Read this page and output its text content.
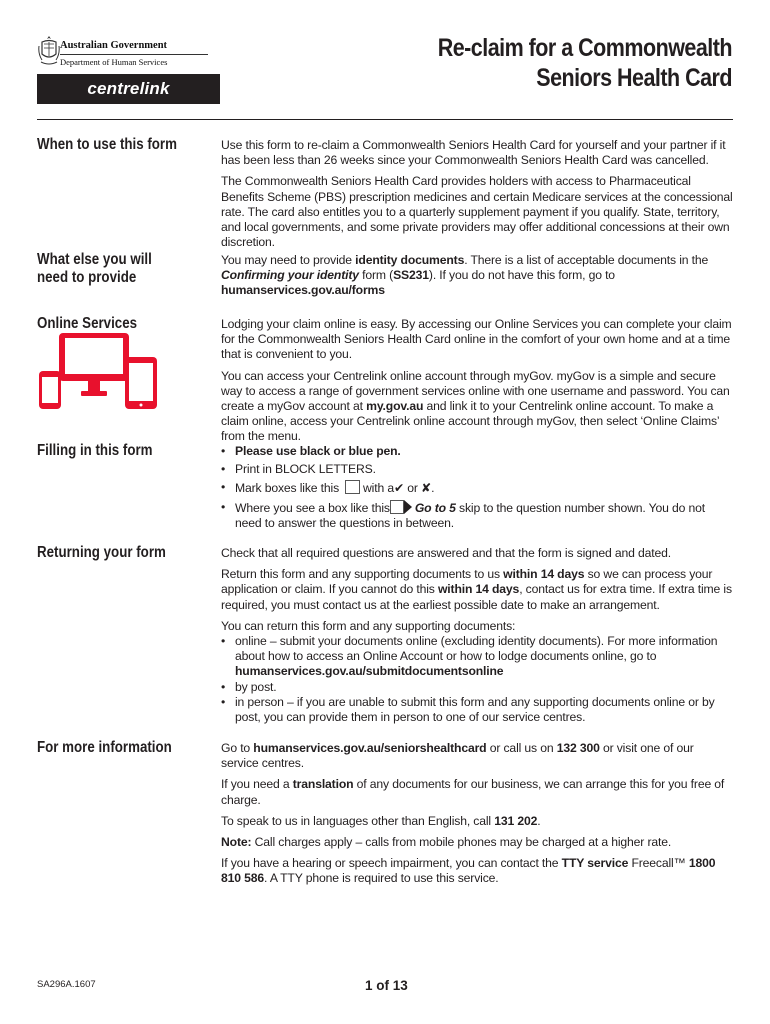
Australian Government
Department of Human Services
centrelink
Re-claim for a Commonwealth
Seniors Health Card
When to use this form	Use this form to re-claim a Commonwealth Seniors Health Card for yourself and your partner if it has been less than 26 weeks since your Commonwealth Seniors Health Card was cancelled.

The Commonwealth Seniors Health Card provides holders with access to Pharmaceutical Benefits Scheme (PBS) prescription medicines and certain Medicare services at the concessional rate. The card also entitles you to a quarterly supplement payment if you qualify. State, territory, and local governments, and some private providers may offer additional concessions at their own discretion.

What else you will
need to provide

You may need to provide identity documents. There is a list of acceptable documents in the Confirming your identity form (SS231). If you do not have this form, go to humanservices.gov.au/forms

Online Services	Lodging your claim online is easy. By accessing our Online Services you can complete your claim for the Commonwealth Seniors Health Card online in the comfort of your own home and at a time that is convenient to you.

You can access your Centrelink online account through myGov. myGov is a simple and secure way to access a range of government services online with one username and password. You can create a myGov account at my.gov.au and link it to your Centrelink online account. To make a claim online, access your Centrelink online account through myGov, then select ‘Online Claims’ from the menu.

Filling in this form
•	Please use black or blue pen.
• Print in BLOCK LETTERS.
• Mark boxes like this with a✔ or ✘.
• Where you see a box like this Go to 5 skip to the question number shown. You do not need to answer the questions in between.
Returning your form	Check that all required questions are answered and that the form is signed and dated.

Return this form and any supporting documents to us within 14 days so we can process your application or claim. If you cannot do this within 14 days, contact us for extra time. If extra time is required, you must contact us at the earliest possible date to make an arrangement.

You can return this form and any supporting documents:

• online – submit your documents online (excluding identity documents). For more information about how to access an Online Account or how to lodge documents online, go to humanservices.gov.au/submitdocumentsonline
• by post.
• in person – if you are unable to submit this form and any supporting documents online or by post, you can provide them in person to one of our service centres.
For more information	Go to humanservices.gov.au/seniorshealthcard or call us on 132 300 or visit one of our service centres.

If you need a translation of any documents for our business, we can arrange this for you free of charge.

To speak to us in languages other than English, call 131 202.

Note: Call charges apply – calls from mobile phones may be charged at a higher rate.

If you have a hearing or speech impairment, you can contact the TTY service Freecall™ 1800 810 586. A TTY phone is required to use this service.

SA296A.1607	1 of 13
